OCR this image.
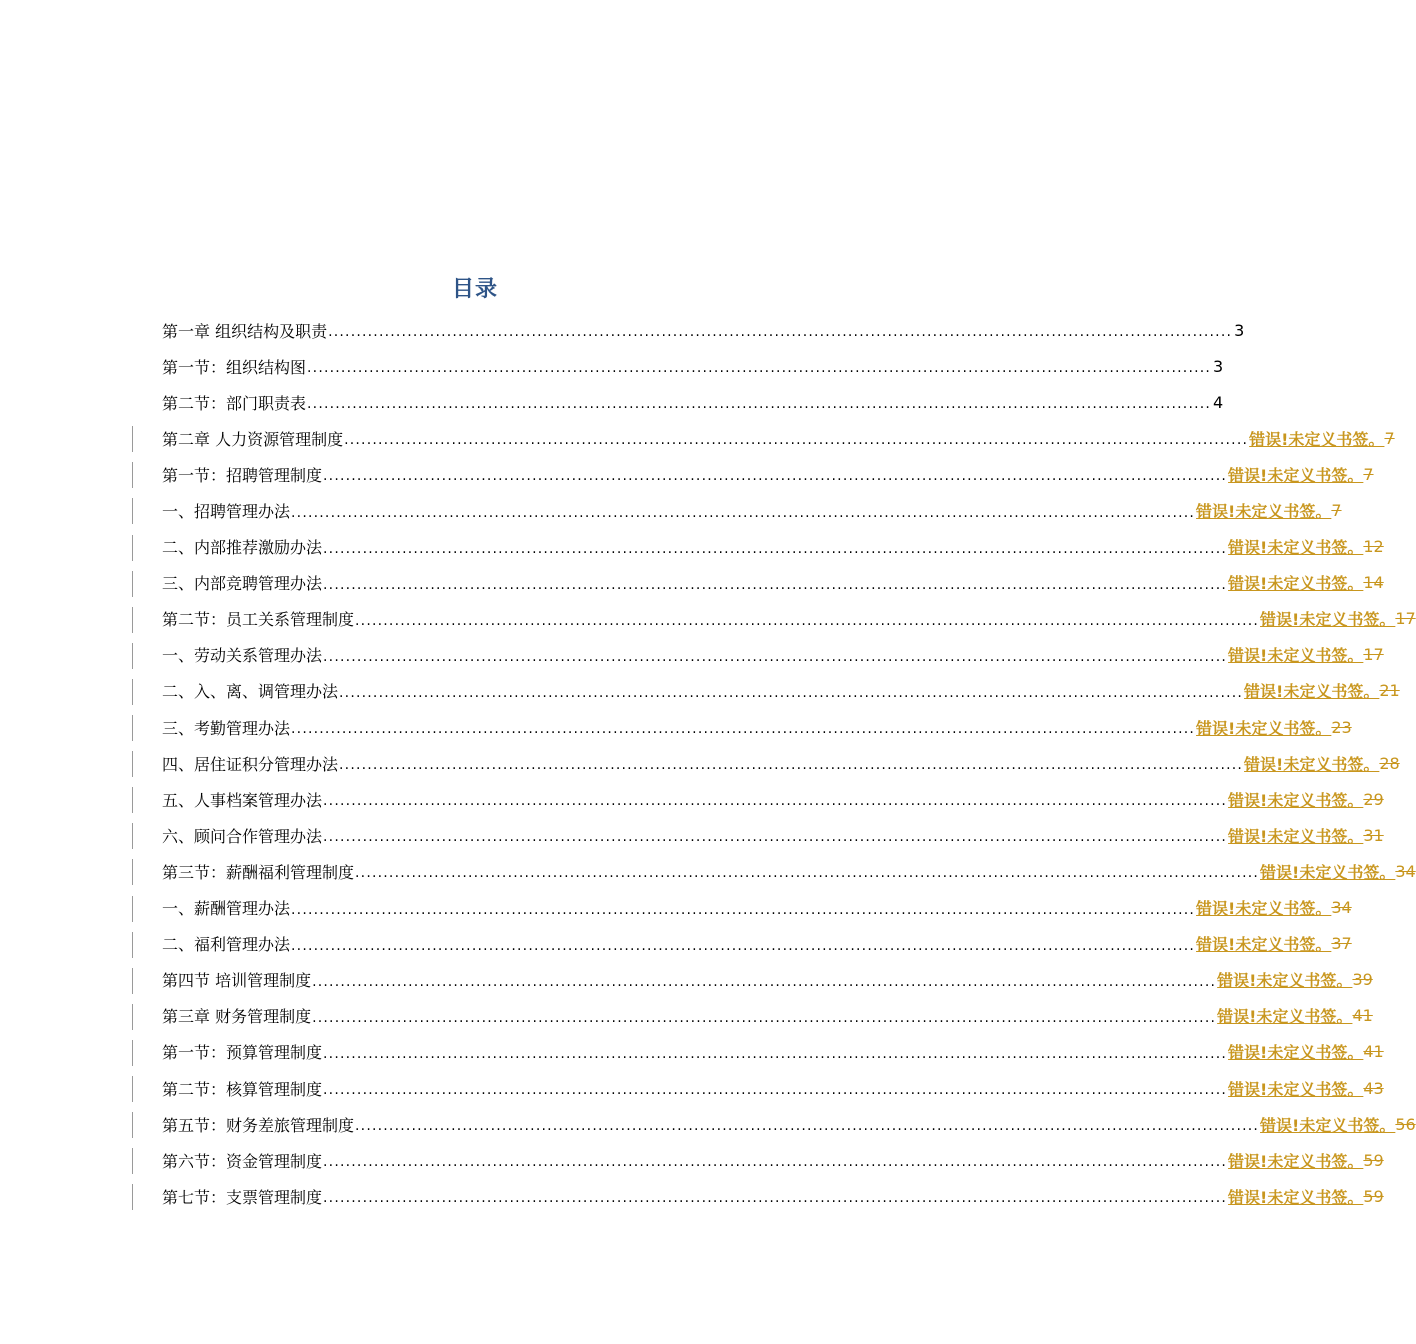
目录
第一章 组织结构及职责 ................................................................................................................................................................ 3
第一节：组织结构图 ................................................................................................................................................................ 3
第二节：部门职责表 ................................................................................................................................................................ 4
第二章 人力资源管理制度 ................................................................................................................................................................ 错误!未定义书签。 7
第一节：招聘管理制度 ................................................................................................................................................................ 错误!未定义书签。 7
一、招聘管理办法 ................................................................................................................................................................ 错误!未定义书签。 7
二、内部推荐激励办法 ................................................................................................................................................................ 错误!未定义书签。 12
三、内部竞聘管理办法 ................................................................................................................................................................ 错误!未定义书签。 14
第二节：员工关系管理制度 ................................................................................................................................................................ 错误!未定义书签。 17
一、劳动关系管理办法 ................................................................................................................................................................ 错误!未定义书签。 17
二、入、离、调管理办法 ................................................................................................................................................................ 错误!未定义书签。 21
三、考勤管理办法 ................................................................................................................................................................ 错误!未定义书签。 23
四、居住证积分管理办法 ................................................................................................................................................................ 错误!未定义书签。 28
五、人事档案管理办法 ................................................................................................................................................................ 错误!未定义书签。 29
六、顾问合作管理办法 ................................................................................................................................................................ 错误!未定义书签。 31
第三节：薪酬福利管理制度 ................................................................................................................................................................ 错误!未定义书签。 34
一、薪酬管理办法 ................................................................................................................................................................ 错误!未定义书签。 34
二、福利管理办法 ................................................................................................................................................................ 错误!未定义书签。 37
第四节 培训管理制度 ................................................................................................................................................................ 错误!未定义书签。 39
第三章 财务管理制度 ................................................................................................................................................................ 错误!未定义书签。 41
第一节：预算管理制度 ................................................................................................................................................................ 错误!未定义书签。 41
第二节：核算管理制度 ................................................................................................................................................................ 错误!未定义书签。 43
第五节：财务差旅管理制度 ................................................................................................................................................................ 错误!未定义书签。 56
第六节：资金管理制度 ................................................................................................................................................................ 错误!未定义书签。 59
第七节：支票管理制度 ................................................................................................................................................................ 错误!未定义书签。 59
